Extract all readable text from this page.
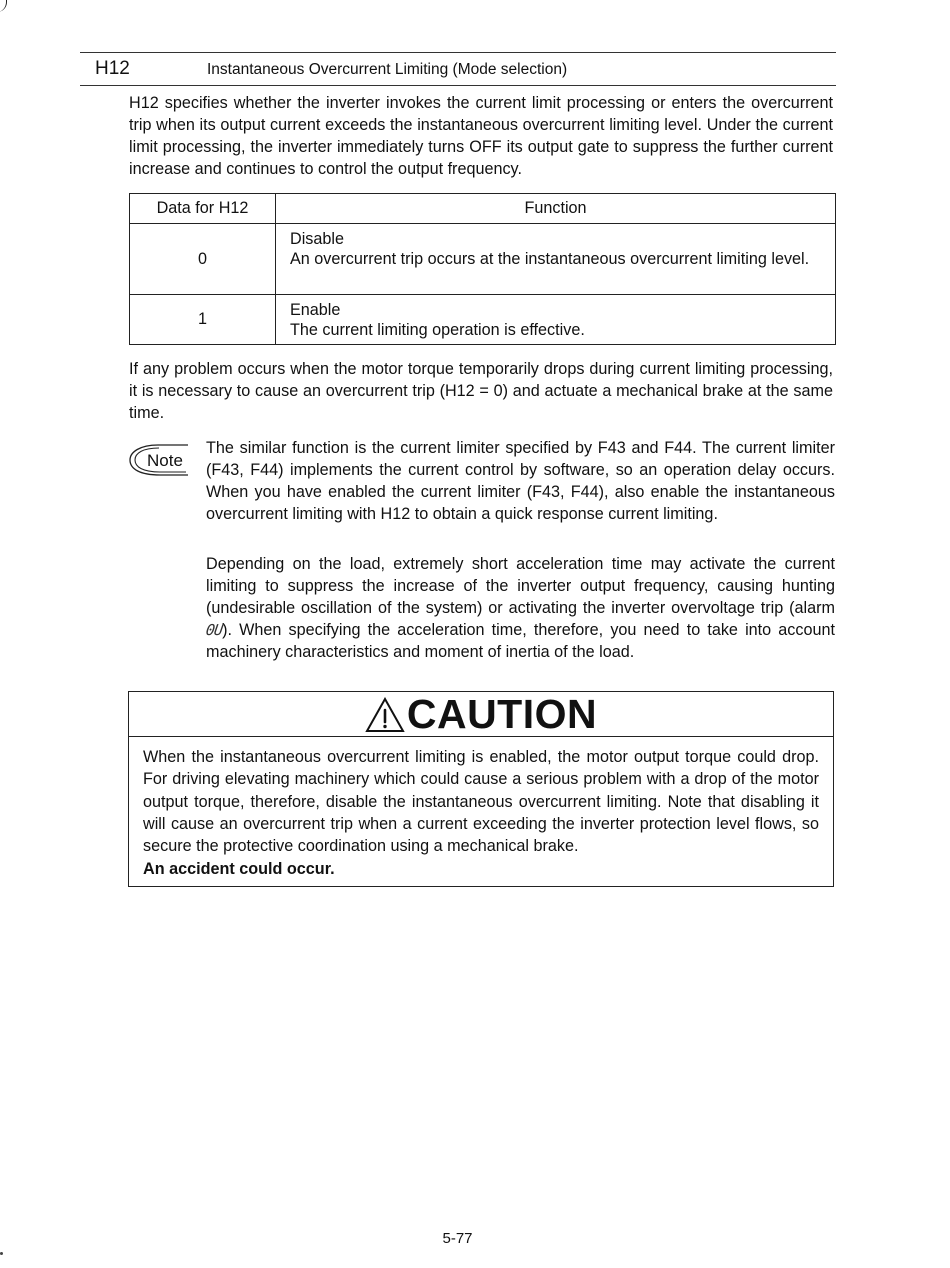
H12	Instantaneous Overcurrent Limiting (Mode selection)

H12 specifies whether the inverter invokes the current limit processing or enters the overcurrent trip when its output current exceeds the instantaneous overcurrent limiting level. Under the current limit processing, the inverter immediately turns OFF its output gate to suppress the further current increase and continues to control the output frequency.

Data for H12	Function
0	Disable
An overcurrent trip occurs at the instantaneous overcurrent limiting level.

1	Enable
The current limiting operation is effective.

If any problem occurs when the motor torque temporarily drops during current limiting processing, it is necessary to cause an overcurrent trip (H12 = 0) and actuate a mechanical brake at the same time.

Note

The similar function is the current limiter specified by F43 and F44. The current limiter (F43, F44) implements the current control by software, so an operation delay occurs. When you have enabled the current limiter (F43, F44), also enable the instantaneous overcurrent limiting with H12 to obtain a quick response current limiting.

Depending on the load, extremely short acceleration time may activate the current limiting to suppress the increase of the inverter output frequency, causing hunting (undesirable oscillation of the system) or activating the inverter overvoltage trip (alarm 0U). When specifying the acceleration time, therefore, you need to take into account machinery characteristics and moment of inertia of the load.

CAUTION

When the instantaneous overcurrent limiting is enabled, the motor output torque could drop. For driving elevating machinery which could cause a serious problem with a drop of the motor output torque, therefore, disable the instantaneous overcurrent limiting. Note that disabling it will cause an overcurrent trip when a current exceeding the inverter protection level flows, so secure the protective coordination using a mechanical brake.

An accident could occur.
5-77
